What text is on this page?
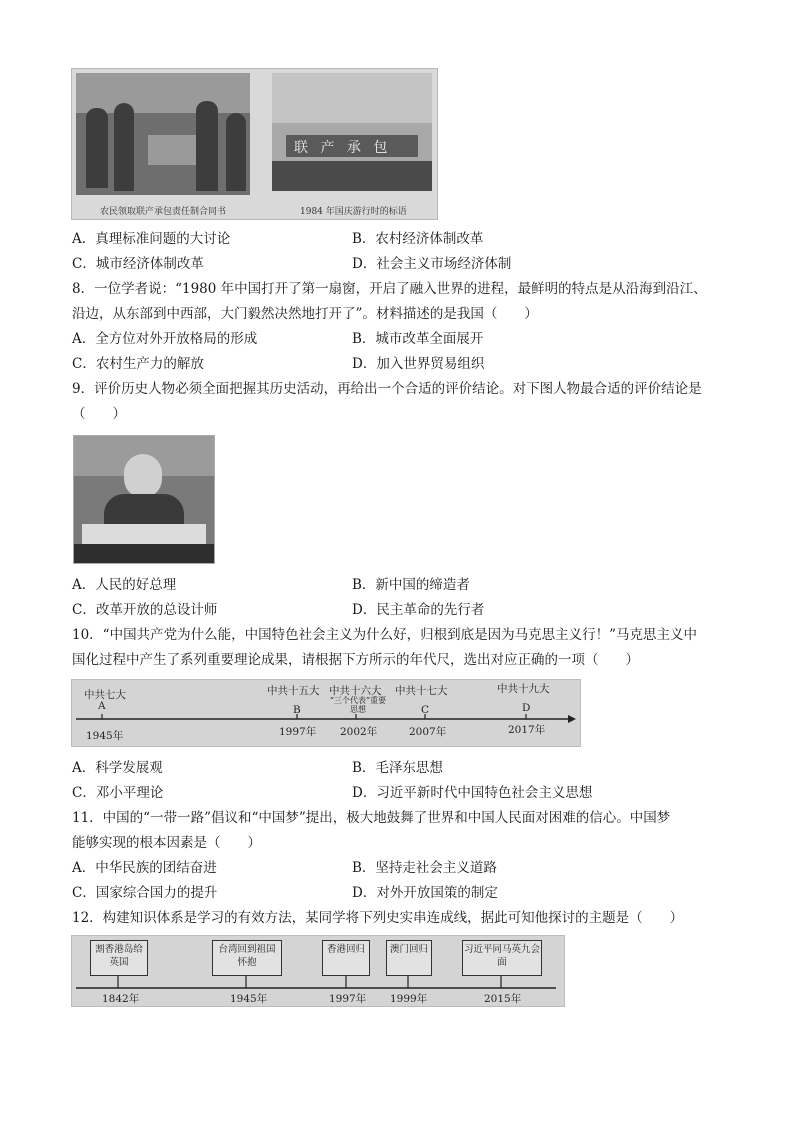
农民领取联产承包责任制合同书
联 产 承 包
1984 年国庆游行时的标语
A．真理标准问题的大讨论	B．农村经济体制改革
C．城市经济体制改革	D．社会主义市场经济体制
8．一位学者说：“1980 年中国打开了第一扇窗，开启了融入世界的进程，最鲜明的特点是从沿海到沿江、
沿边，从东部到中西部，大门毅然决然地打开了”。材料描述的是我国（　　）
A．全方位对外开放格局的形成	B．城市改革全面展开
C．农村生产力的解放	D．加入世界贸易组织
9．评价历史人物必须全面把握其历史活动，再给出一个合适的评价结论。对下图人物最合适的评价结论是
（　　）
A．人民的好总理	B．新中国的缔造者
C．改革开放的总设计师	D．民主革命的先行者
10．“中国共产党为什么能，中国特色社会主义为什么好，归根到底是因为马克思主义行！”马克思主义中
国化过程中产生了系列重要理论成果，请根据下方所示的年代尺，选出对应正确的一项（　　）
中共七大	中共十五大 中共十六大 中共十七大	中共十九大
“三个代表”重要思想
A	B	C	D
1945年	1997年 2002年	2007年	2017年
A．科学发展观	B．毛泽东思想
C．邓小平理论	D．习近平新时代中国特色社会主义思想
11．中国的“一带一路”倡议和“中国梦”提出，极大地鼓舞了世界和中国人民面对困难的信心。中国梦
能够实现的根本因素是（　　）
A．中华民族的团结奋进	B．坚持走社会主义道路
C．国家综合国力的提升	D．对外开放国策的制定
12．构建知识体系是学习的有效方法，某同学将下列史实串连成线，据此可知他探讨的主题是（　　）
割香港岛给英国
台湾回到祖国怀抱
香港回归	澳门回归	习近平同马英九会面
1842年	1945年	1997年 1999年	2015年
